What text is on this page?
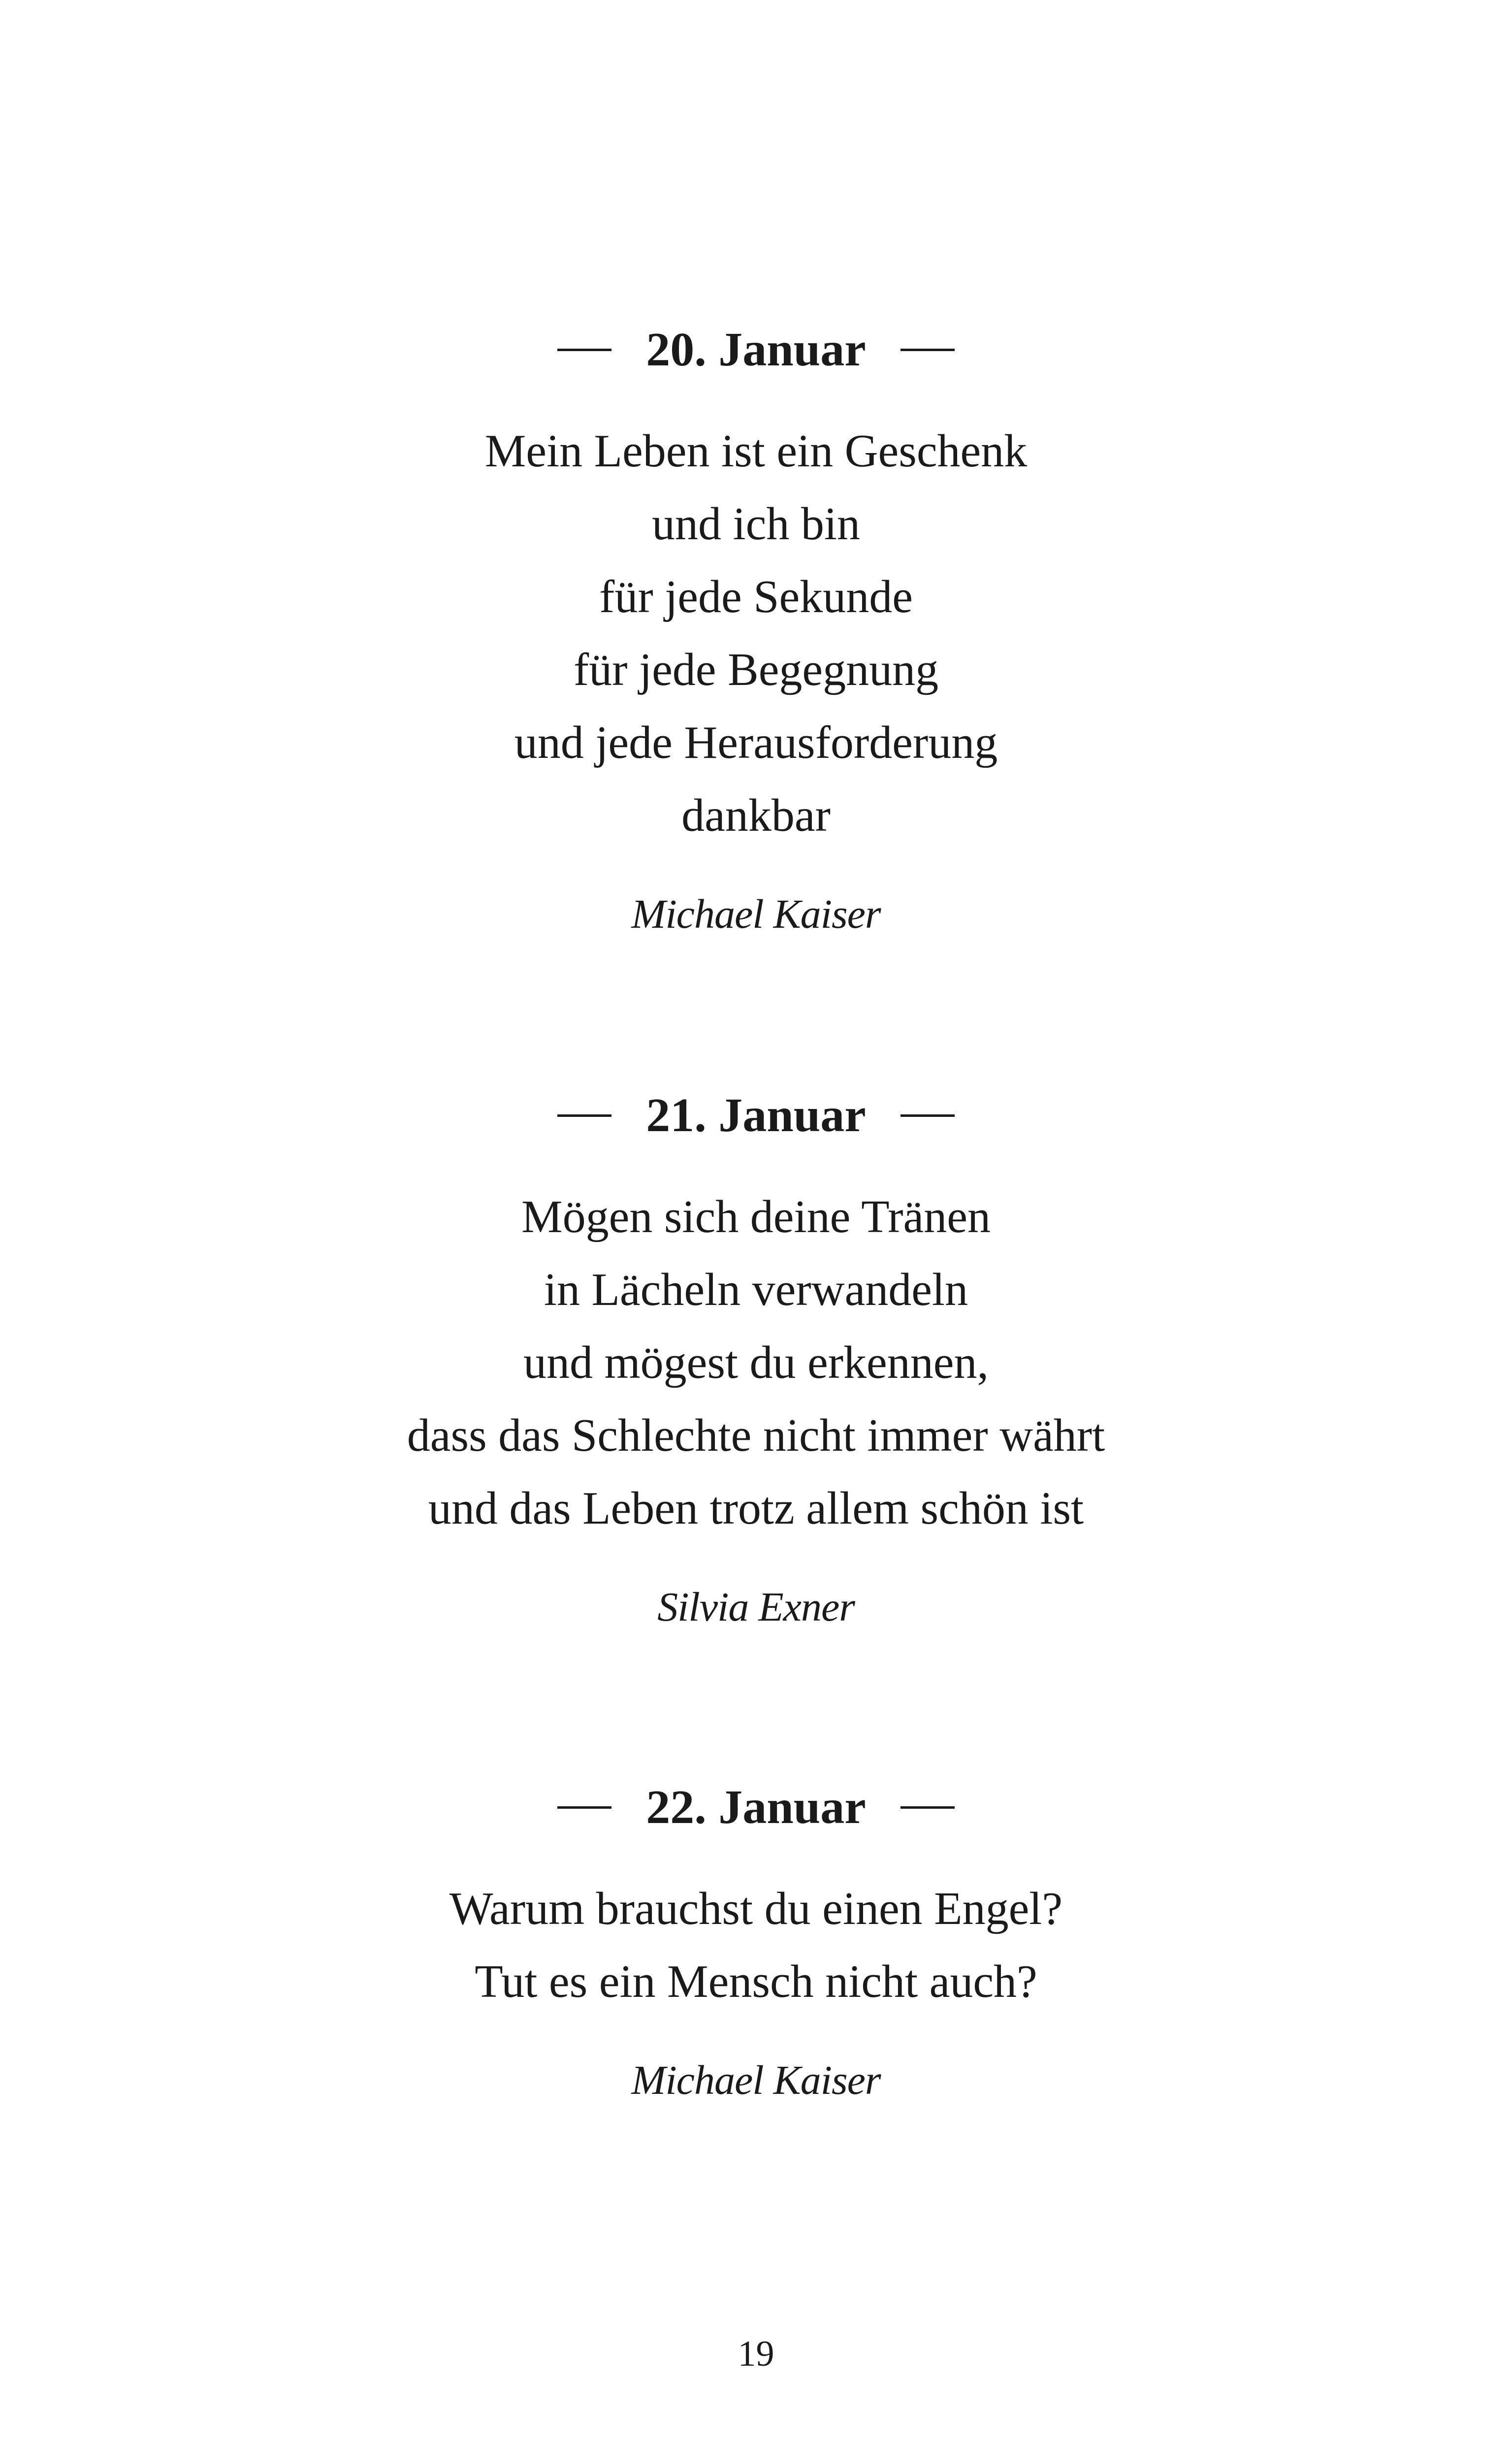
20. Januar
Mein Leben ist ein Geschenk
und ich bin
für jede Sekunde
für jede Begegnung
und jede Herausforderung
dankbar
Michael Kaiser
21. Januar
Mögen sich deine Tränen
in Lächeln verwandeln
und mögest du erkennen,
dass das Schlechte nicht immer währt
und das Leben trotz allem schön ist
Silvia Exner
22. Januar
Warum brauchst du einen Engel?
Tut es ein Mensch nicht auch?
Michael Kaiser
19
